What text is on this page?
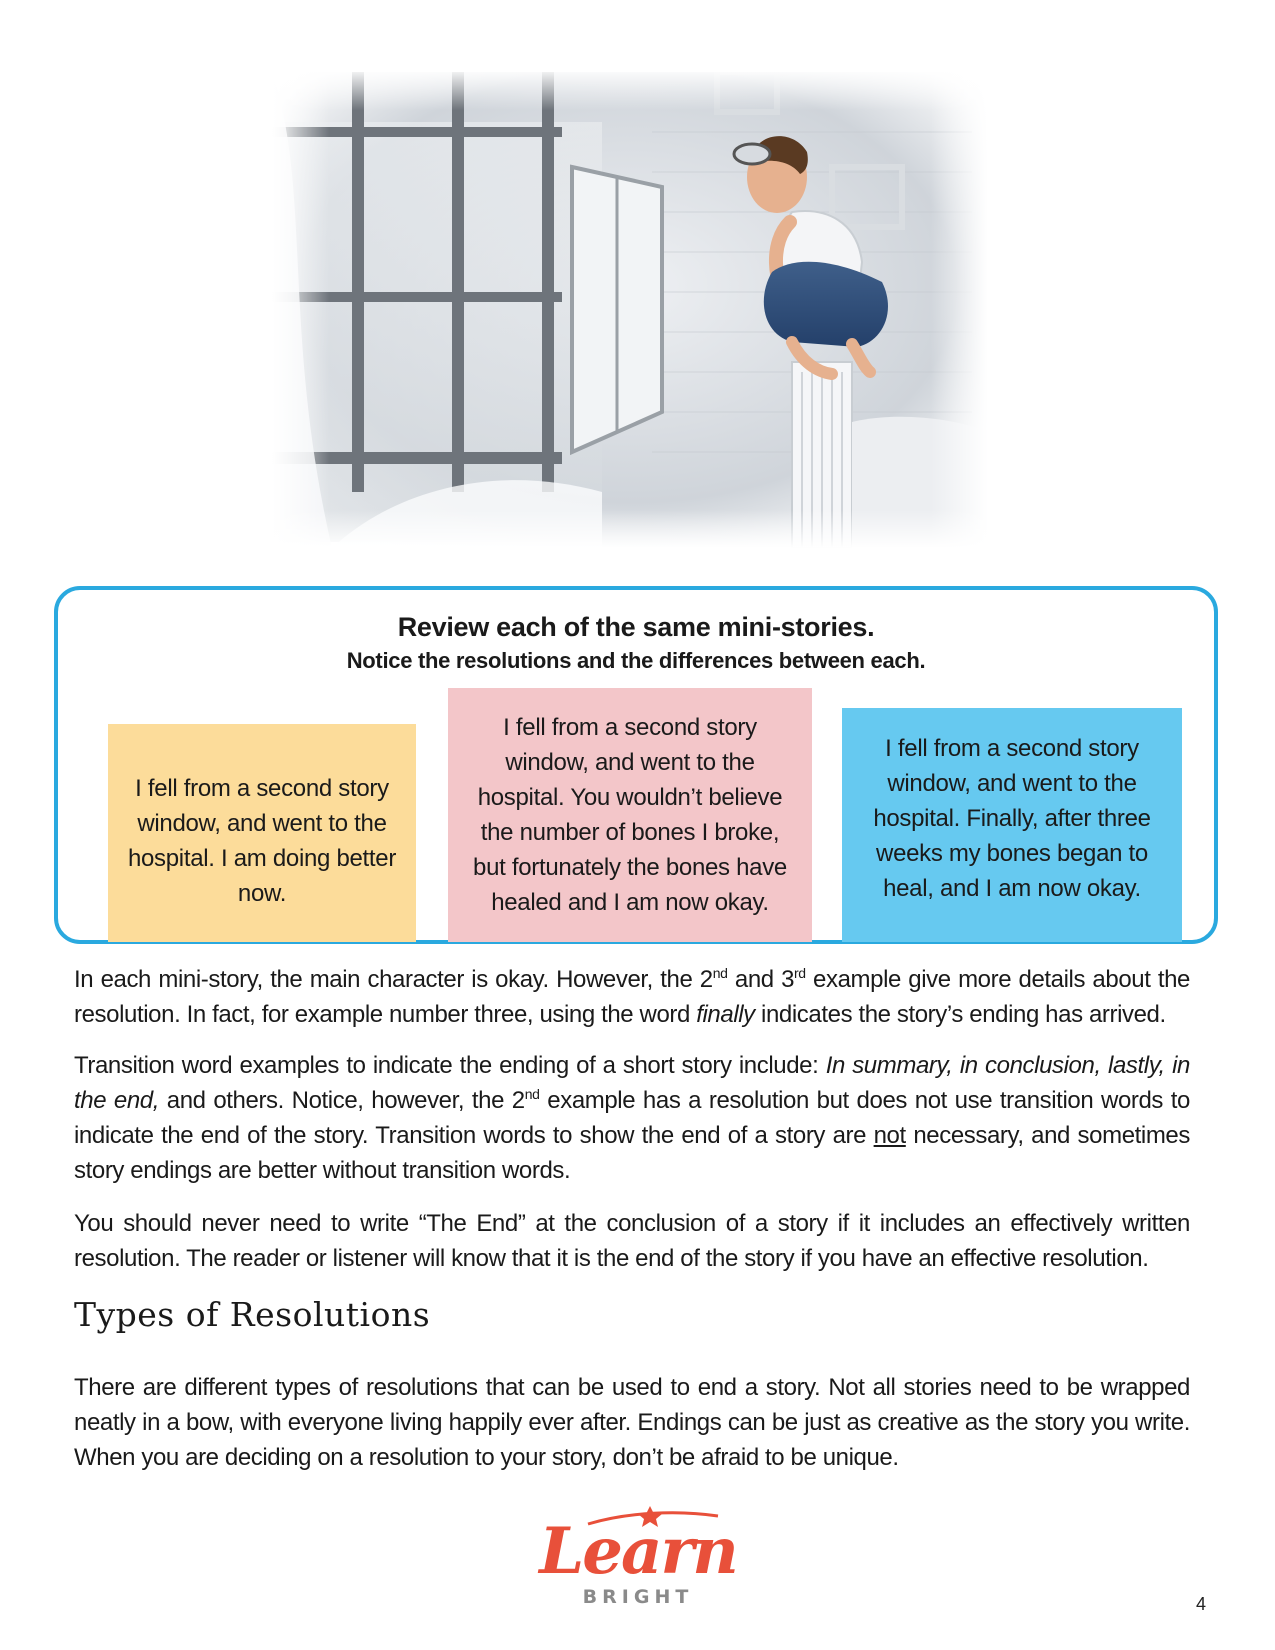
Review each of the same mini-stories.
Notice the resolutions and the differences between each.
I fell from a second story
window, and went to the
hospital. I am doing better
now.
I fell from a second story
window, and went to the
hospital. You wouldn’t believe
the number of bones I broke,
but fortunately the bones have
healed and I am now okay.
I fell from a second story
window, and went to the
hospital. Finally, after three
weeks my bones began to
heal, and I am now okay.

In each mini-story, the main character is okay. However, the 2nd and 3rd example give more details about the resolution. In fact, for example number three, using the word finally indicates the story’s ending has arrived.

Transition word examples to indicate the ending of a short story include: In summary, in conclusion, lastly, in the end, and others. Notice, however, the 2nd example has a resolution but does not use transition words to indicate the end of the story. Transition words to show the end of a story are not necessary, and sometimes story endings are better without transition words.

You should never need to write “The End” at the conclusion of a story if it includes an effectively written resolution. The reader or listener will know that it is the end of the story if you have an effective resolution.

Types of Resolutions

There are different types of resolutions that can be used to end a story. Not all stories need to be wrapped neatly in a bow, with everyone living happily ever after. Endings can be just as creative as the story you write. When you are deciding on a resolution to your story, don’t be afraid to be unique.

Learn
BRIGHT	4
